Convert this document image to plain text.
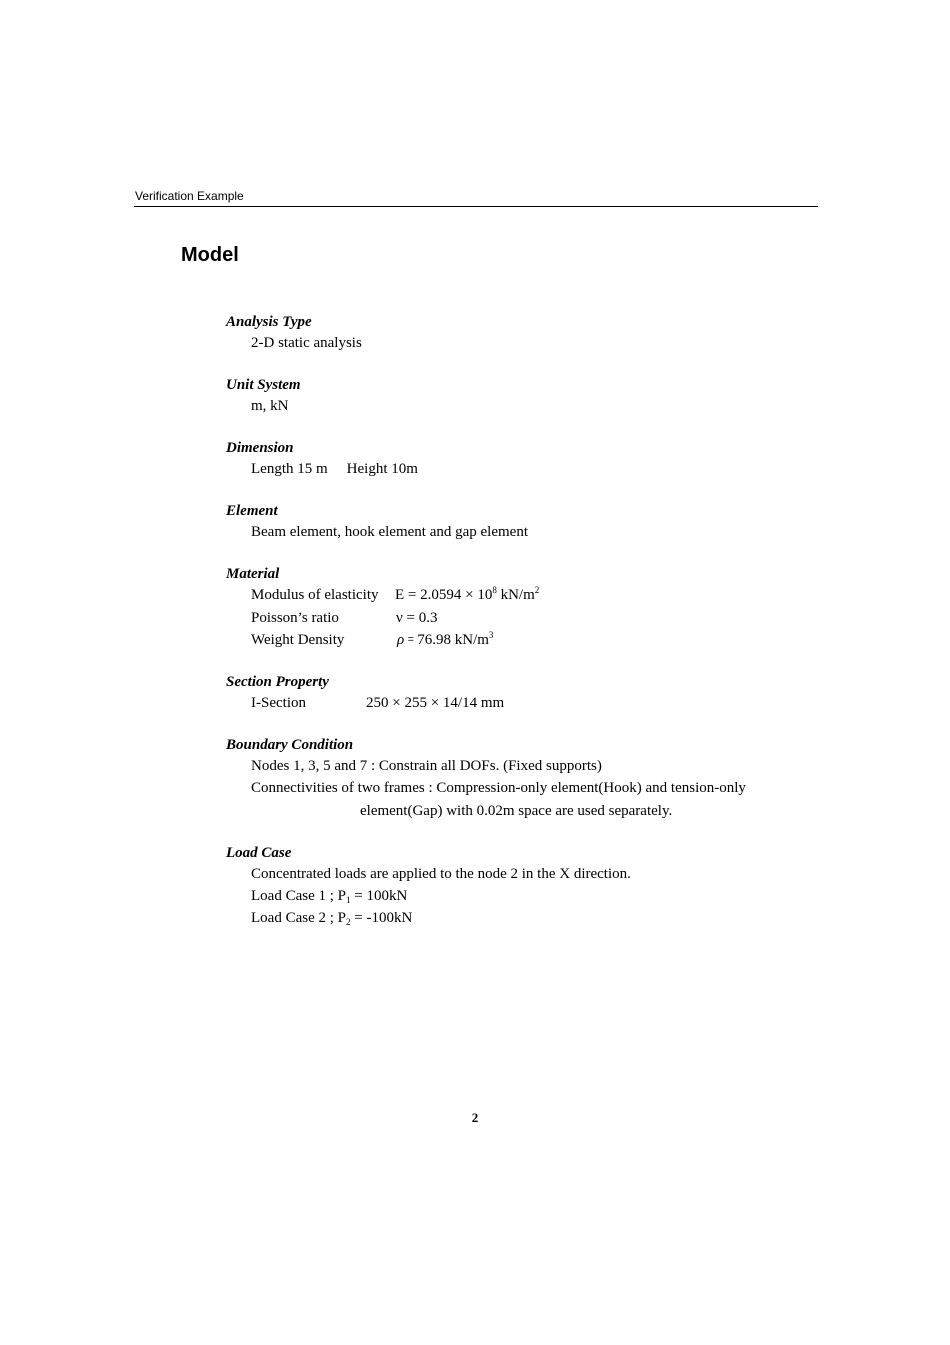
Verification Example
Model
Analysis Type
2-D static analysis
Unit System
m, kN
Dimension
Length 15 m Height 10m
Element
Beam element, hook element and gap element
Material
Modulus of elasticity $E = 2.0594 \times 10^8$ $kN/m^2$
Poisson’s ratio	ν = 0.3
Weight Density	ρ ꞊ 76.98 $kN/m^3$
Section Property
I-Section	250 × 255 × 14/14 mm
Boundary Condition
Nodes 1, 3, 5 and 7 : Constrain all DOFs. (Fixed supports)
Connectivities of two frames : Compression-only element(Hook) and tension-only
element(Gap) with 0.02m space are used separately.
Load Case
Concentrated loads are applied to the node 2 in the X direction.
Load Case 1 ; $P_1 = 100kN$
Load Case 2 ; $P_2 = -100kN$
2
